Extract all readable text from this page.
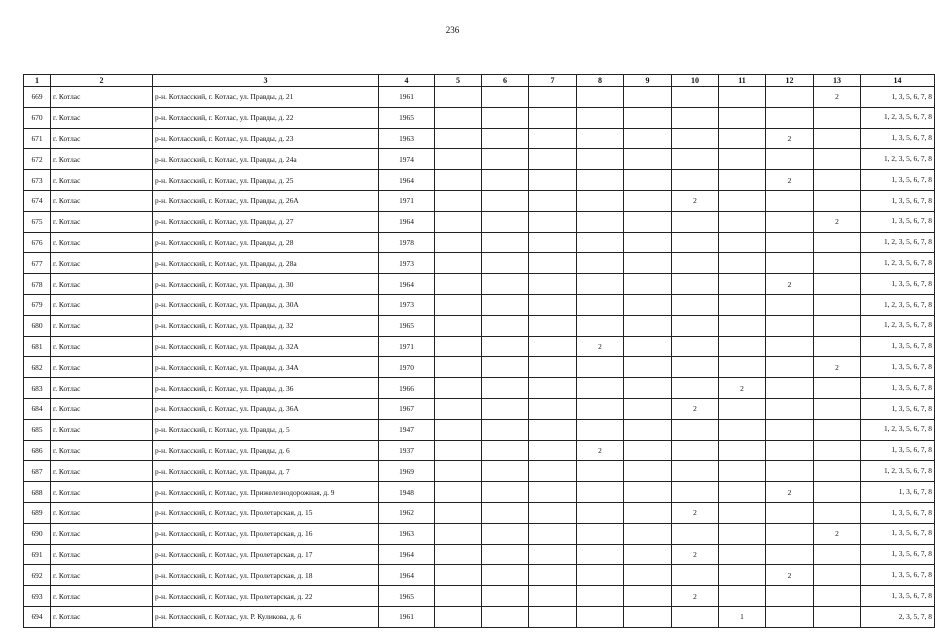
236
1	2	3	4	5	6	7	8	9	10	11	12	13	14
669	г. Котлас	р-н. Котласский, г. Котлас, ул. Правды, д. 21	1961									2	1, 3, 5, 6, 7, 8
670	г. Котлас	р-н. Котласский, г. Котлас, ул. Правды, д. 22	1965										1, 2, 3, 5, 6, 7, 8
671	г. Котлас	р-н. Котласский, г. Котлас, ул. Правды, д. 23	1963								2		1, 3, 5, 6, 7, 8
672	г. Котлас	р-н. Котласский, г. Котлас, ул. Правды, д. 24а	1974										1, 2, 3, 5, 6, 7, 8
673	г. Котлас	р-н. Котласский, г. Котлас, ул. Правды, д. 25	1964								2		1, 3, 5, 6, 7, 8
674	г. Котлас	р-н. Котласский, г. Котлас, ул. Правды, д. 26А	1971						2				1, 3, 5, 6, 7, 8
675	г. Котлас	р-н. Котласский, г. Котлас, ул. Правды, д. 27	1964									2	1, 3, 5, 6, 7, 8
676	г. Котлас	р-н. Котласский, г. Котлас, ул. Правды, д. 28	1978										1, 2, 3, 5, 6, 7, 8
677	г. Котлас	р-н. Котласский, г. Котлас, ул. Правды, д. 28а	1973										1, 2, 3, 5, 6, 7, 8
678	г. Котлас	р-н. Котласский, г. Котлас, ул. Правды, д. 30	1964								2		1, 3, 5, 6, 7, 8
679	г. Котлас	р-н. Котласский, г. Котлас, ул. Правды, д. 30А	1973										1, 2, 3, 5, 6, 7, 8
680	г. Котлас	р-н. Котласский, г. Котлас, ул. Правды, д. 32	1965										1, 2, 3, 5, 6, 7, 8
681	г. Котлас	р-н. Котласский, г. Котлас, ул. Правды, д. 32А	1971				2						1, 3, 5, 6, 7, 8
682	г. Котлас	р-н. Котласский, г. Котлас, ул. Правды, д. 34А	1970									2	1, 3, 5, 6, 7, 8
683	г. Котлас	р-н. Котласский, г. Котлас, ул. Правды, д. 36	1966							2			1, 3, 5, 6, 7, 8
684	г. Котлас	р-н. Котласский, г. Котлас, ул. Правды, д. 36А	1967						2				1, 3, 5, 6, 7, 8
685	г. Котлас	р-н. Котласский, г. Котлас, ул. Правды, д. 5	1947										1, 2, 3, 5, 6, 7, 8
686	г. Котлас	р-н. Котласский, г. Котлас, ул. Правды, д. 6	1937				2						1, 3, 5, 6, 7, 8
687	г. Котлас	р-н. Котласский, г. Котлас, ул. Правды, д. 7	1969										1, 2, 3, 5, 6, 7, 8
688	г. Котлас	р-н. Котласский, г. Котлас, ул. Прижелезнодорожная, д. 9	1948								2		1, 3, 6, 7, 8
689	г. Котлас	р-н. Котласский, г. Котлас, ул. Пролетарская, д. 15	1962						2				1, 3, 5, 6, 7, 8
690	г. Котлас	р-н. Котласский, г. Котлас, ул. Пролетарская, д. 16	1963									2	1, 3, 5, 6, 7, 8
691	г. Котлас	р-н. Котласский, г. Котлас, ул. Пролетарская, д. 17	1964						2				1, 3, 5, 6, 7, 8
692	г. Котлас	р-н. Котласский, г. Котлас, ул. Пролетарская, д. 18	1964								2		1, 3, 5, 6, 7, 8
693	г. Котлас	р-н. Котласский, г. Котлас, ул. Пролетарская, д. 22	1965						2				1, 3, 5, 6, 7, 8
694	г. Котлас	р-н. Котласский, г. Котлас, ул. Р. Куликова, д. 6	1961							1			2, 3, 5, 7, 8
